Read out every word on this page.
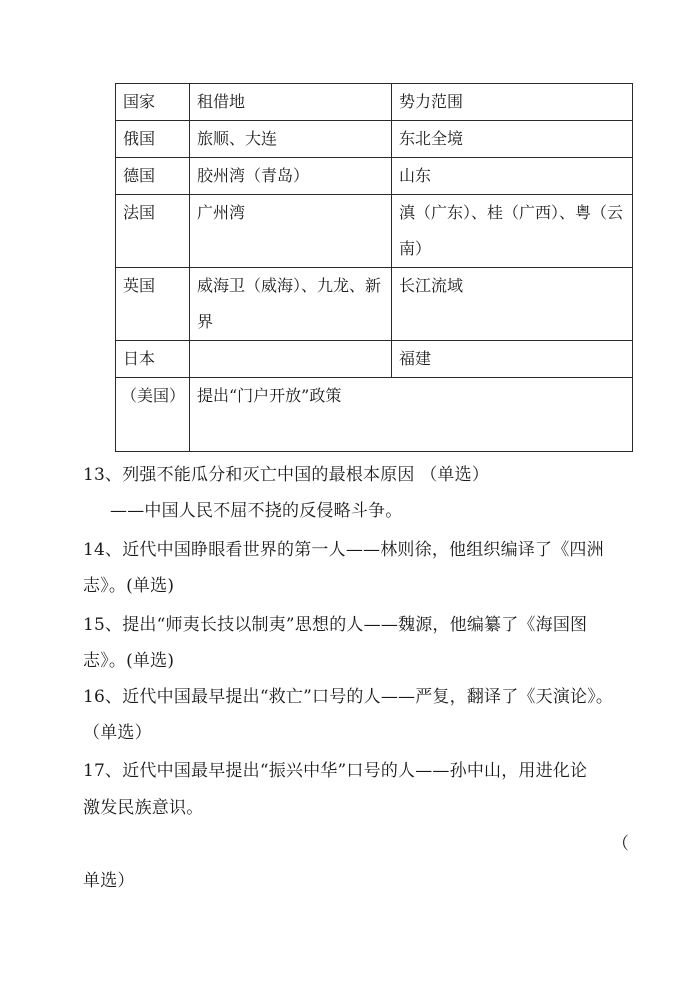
国家	租借地	势力范围
俄国	旅顺、大连	东北全境
德国	胶州湾（青岛）	山东
法国	广州湾	滇（广东）、桂（广西）、粤（云南）
英国	威海卫（威海）、九龙、新界	长江流域
日本		福建
（美国）	提出“门户开放”政策	
13、列强不能瓜分和灭亡中国的最根本原因 （单选）
——中国人民不屈不挠的反侵略斗争。
14、近代中国睁眼看世界的第一人——林则徐，他组织编译了《四洲
志》。(单选)
15、提出“师夷长技以制夷”思想的人——魏源，他编纂了《海国图
志》。(单选)
16、近代中国最早提出“救亡”口号的人——严复，翻译了《天演论》。
（单选）
17、近代中国最早提出“振兴中华”口号的人——孙中山，用进化论
激发民族意识。
（
单选）
